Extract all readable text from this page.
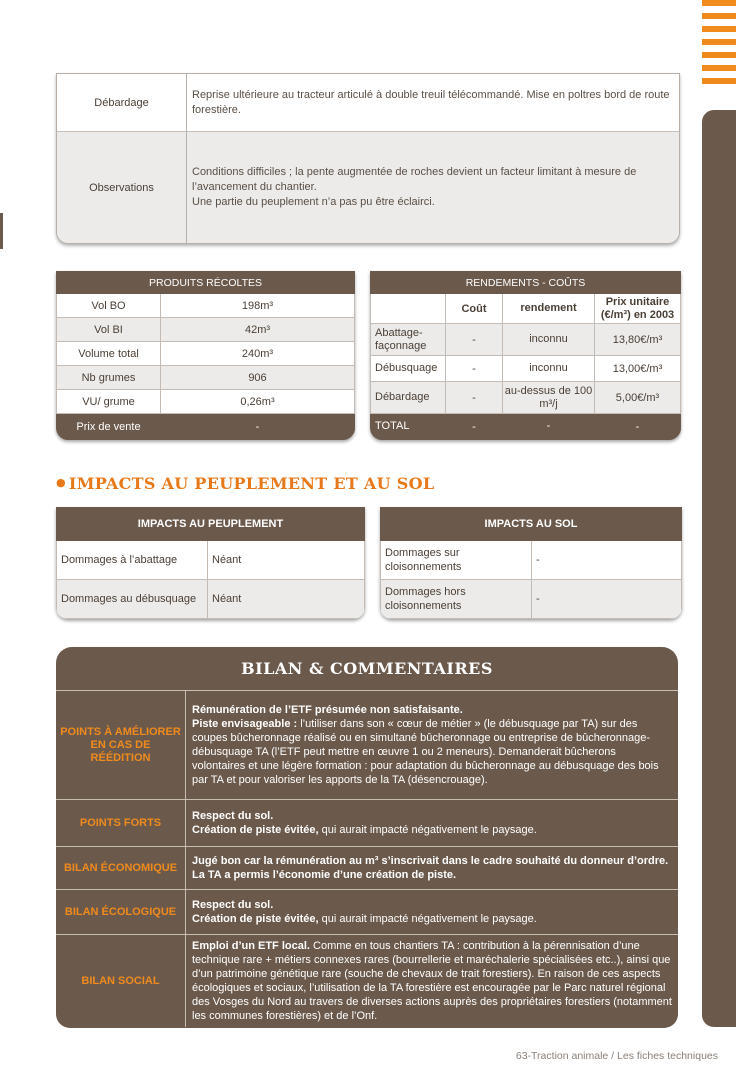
Débardage
Reprise ultérieure au tracteur articulé à double treuil télécommandé. Mise en poltres bord de route forestière.
Observations
Conditions difficiles ; la pente augmentée de roches devient un facteur limitant à mesure de l’avancement du chantier.
Une partie du peuplement n’a pas pu être éclairci.
PRODUITS RÉCOLTES	
Vol BO	198m³
Vol BI	42m³
Volume total	240m³
Nb grumes	906
VU/ grume	0,26m³
Prix de vente	-
RENDEMENTS - COÛTS			
	Coût	rendement	Prix unitaire (€/m³) en 2003
Abattage-façonnage	-	inconnu	13,80€/m³
Débusquage	-	inconnu	13,00€/m³
Débardage	-	au-dessus de 100 m³/j	5,00€/m³
TOTAL	-	-	-
● IMPACTS AU PEUPLEMENT ET AU SOL
IMPACTS AU PEUPLEMENT	
Dommages à l’abattage	Néant
Dommages au débusquage	Néant
IMPACTS AU SOL	
Dommages sur cloisonnements	-
Dommages hors cloisonnements	-
BILAN & COMMENTAIRES
POINTS À AMÉLIORER EN CAS DE RÉÉDITION
Rémunération de l’ETF présumée non satisfaisante.
Piste envisageable : l’utiliser dans son « cœur de métier » (le débusquage par TA) sur des coupes bûcheronnage réalisé ou en simultané bûcheronnage ou entreprise de bûcheronnage-débusquage TA (l’ETF peut mettre en œuvre 1 ou 2 meneurs). Demanderait bûcherons volontaires et une légère formation : pour adaptation du bûcheronnage au débusquage des bois par TA et pour valoriser les apports de la TA (désencrouage).
POINTS FORTS
Respect du sol.
Création de piste évitée, qui aurait impacté négativement le paysage.
BILAN ÉCONOMIQUE
Jugé bon car la rémunération au m³ s’inscrivait dans le cadre souhaité du donneur d’ordre. La TA a permis l’économie d’une création de piste.
BILAN ÉCOLOGIQUE
Respect du sol.
Création de piste évitée, qui aurait impacté négativement le paysage.
BILAN SOCIAL
Emploi d’un ETF local. Comme en tous chantiers TA : contribution à la pérennisation d’une technique rare + métiers connexes rares (bourrellerie et maréchalerie spécialisées etc..), ainsi que d’un patrimoine génétique rare (souche de chevaux de trait forestiers). En raison de ces aspects écologiques et sociaux, l’utilisation de la TA forestière est encouragée par le Parc naturel régional des Vosges du Nord au travers de diverses actions auprès des propriétaires forestiers (notamment les communes forestières) et de l’Onf.
63-Traction animale / Les fiches techniques
